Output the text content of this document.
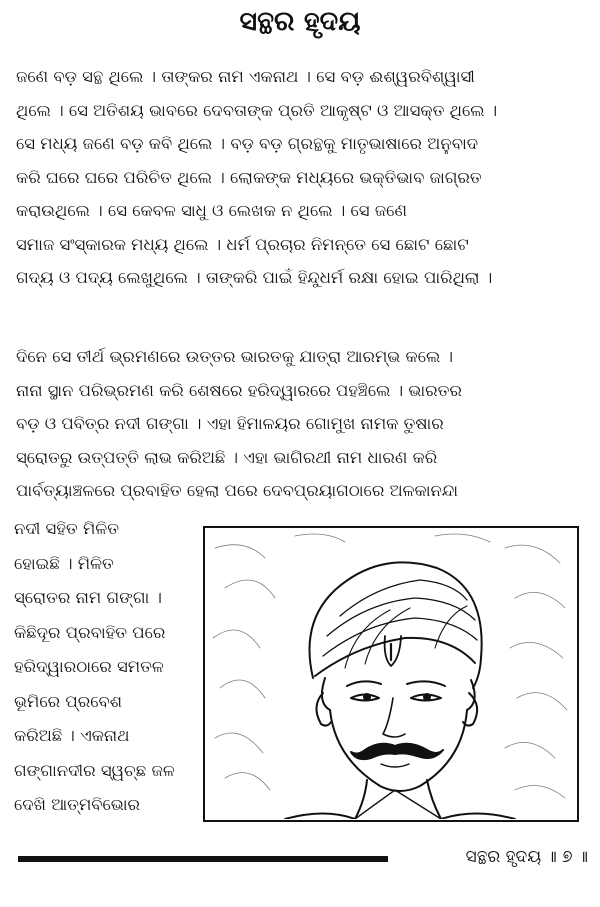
ସନ୍ଥର ହୃଦୟ

ଜଣେ ବଡ଼ ସନ୍ଥ ଥିଲେ । ତାଙ୍କର ନାମ ଏକନାଥ । ସେ ବଡ଼ ଈଶ୍ୱରବିଶ୍ୱାସୀ
ଥିଲେ । ସେ ଅତିଶୟ ଭାବରେ ଦେବତାଙ୍କ ପ୍ରତି ଆକୃଷ୍ଟ ଓ ଆସକ୍ତ ଥିଲେ ।
ସେ ମଧ୍ୟ ଜଣେ ବଡ଼ କବି ଥିଲେ । ବଡ଼ ବଡ଼ ଗ୍ରନ୍ଥକୁ ମାତୃଭାଷାରେ ଅନୁବାଦ
କରି ଘରେ ଘରେ ପରିଚିତ ଥିଲେ । ଲୋକଙ୍କ ମଧ୍ୟରେ ଭକ୍ତିଭାବ ଜାଗ୍ରତ
କରାଉଥିଲେ । ସେ କେବଳ ସାଧୁ ଓ ଲେଖକ ନ ଥିଲେ । ସେ ଜଣେ
ସମାଜ ସଂସ୍କାରକ ମଧ୍ୟ ଥିଲେ । ଧର୍ମ ପ୍ରଚାର ନିମନ୍ତେ ସେ ଛୋଟ ଛୋଟ
ଗଦ୍ୟ ଓ ପଦ୍ୟ ଲେଖୁଥିଲେ । ତାଙ୍କରି ପାଇଁ ହିନ୍ଦୁଧର୍ମ ରକ୍ଷା ହୋଇ ପାରିଥିଲା ।

ଦିନେ ସେ ତୀର୍ଥ ଭ୍ରମଣରେ ଉତ୍ତର ଭାରତକୁ ଯାତ୍ରା ଆରମ୍ଭ କଲେ ।
ନାନା ସ୍ଥାନ ପରିଭ୍ରମଣ କରି ଶେଷରେ ହରିଦ୍ୱାରରେ ପହଞ୍ଚିଲେ । ଭାରତର
ବଡ଼ ଓ ପବିତ୍ର ନଦୀ ଗଙ୍ଗା । ଏହା ହିମାଳୟର ଗୋମୁଖ ନାମକ ତୁଷାର
ସ୍ରୋତରୁ ଉତ୍ପତ୍ତି ଲାଭ କରିଅଛି । ଏହା ଭାଗିରଥୀ ନାମ ଧାରଣ କରି
ପାର୍ବତ୍ୟାଞ୍ଚଳରେ ପ୍ରବାହିତ ହେଲା ପରେ ଦେବପ୍ରୟାଗଠାରେ ଅଳକାନନ୍ଦା

ନଦୀ ସହିତ ମିଳିତ
ହୋଇଛି । ମିଳିତ
ସ୍ରୋତର ନାମ ଗଙ୍ଗା ।
କିଛିଦୂର ପ୍ରବାହିତ ପରେ
ହରିଦ୍ୱାରଠାରେ ସମତଳ
ଭୂମିରେ ପ୍ରବେଶ
କରିଅଛି । ଏକନାଥ
ଗଙ୍ଗାନଦୀର ସ୍ୱଚ୍ଛ ଜଳ
ଦେଖି ଆତ୍ମବିଭୋର

ସନ୍ଥର ହୃଦୟ ॥ ୭ ॥
